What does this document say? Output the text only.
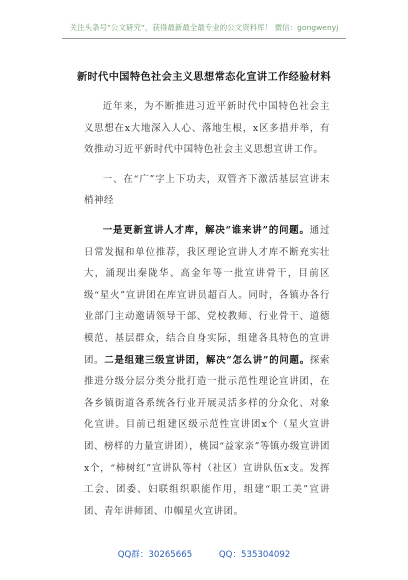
关注头条号“公文研究”，获得最新最全最专业的公文资料库！ 微信：gongwenyj
新时代中国特色社会主义思想常态化宣讲工作经验材料

近年来，为不断推进习近平新时代中国特色社会主义思想在x大地深入人心、落地生根，x区多措并举，有效推动习近平新时代中国特色社会主义思想宣讲工作。

一、在“广”字上下功夫，双管齐下激活基层宣讲末梢神经

一是更新宣讲人才库，解决“谁来讲”的问题。通过日常发掘和单位推荐，我区理论宣讲人才库不断充实壮大，涌现出秦陇华、高金年等一批宣讲骨干，目前区级“星火”宣讲团在库宣讲员超百人。同时，各镇办各行业部门主动邀请领导干部、党校教师、行业骨干、道德模范、基层群众，结合自身实际，组建各具特色的宣讲团。二是组建三级宣讲团，解决“怎么讲”的问题。探索推进分级分层分类分批打造一批示范性理论宣讲团，在各乡镇街道各系统各行业开展灵活多样的分众化、对象化宣讲。目前已组建区级示范性宣讲团x个（星火宣讲团、榜样的力量宣讲团），桃园“益家亲”等镇办级宣讲团x个，“柿树红”宣讲队等村（社区）宣讲队伍x支。发挥工会、团委、妇联组织职能作用，组建“职工美”宣讲团、青年讲师团、巾帼星火宣讲团。

QQ群：30265665	QQ：535304092
